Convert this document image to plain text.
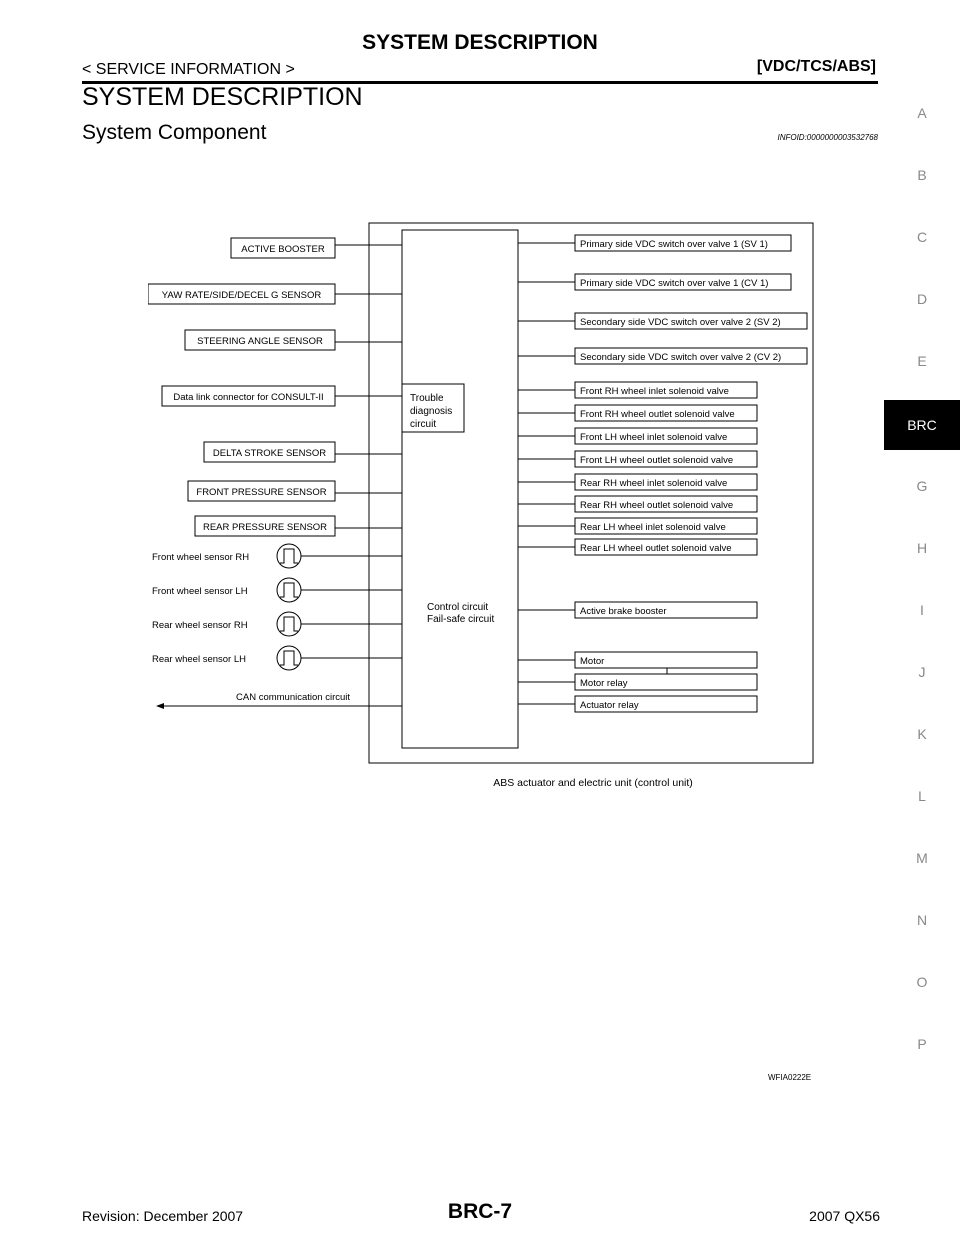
SYSTEM DESCRIPTION
< SERVICE INFORMATION >	[VDC/TCS/ABS]
SYSTEM DESCRIPTION
System Component	INFOID:0000000003532768
A
B
C
D
E
BRC
G
H
I
J
K
L
M
N
O
P
Trouble
diagnosis
circuit
Control circuit
Fail-safe circuit
ACTIVE BOOSTER
YAW RATE/SIDE/DECEL G SENSOR
STEERING ANGLE SENSOR
Data link connector for CONSULT-II
DELTA STROKE SENSOR
FRONT PRESSURE SENSOR
REAR PRESSURE SENSOR
Front wheel sensor RH
Front wheel sensor LH
Rear wheel sensor RH
Rear wheel sensor LH
CAN communication circuit
Primary side VDC switch over valve 1 (SV 1)
Primary side VDC switch over valve 1 (CV 1)
Secondary side VDC switch over valve 2 (SV 2)
Secondary side VDC switch over valve 2 (CV 2)
Front RH wheel inlet solenoid valve
Front RH wheel outlet solenoid valve
Front LH wheel inlet solenoid valve
Front LH wheel outlet solenoid valve
Rear RH wheel inlet solenoid valve
Rear RH wheel outlet solenoid valve
Rear LH wheel inlet solenoid valve
Rear LH wheel outlet solenoid valve
Active brake booster
Motor
Motor relay
Actuator relay
ABS actuator and electric unit (control unit)
WFIA0222E
Revision: December 2007	BRC-7	2007 QX56
